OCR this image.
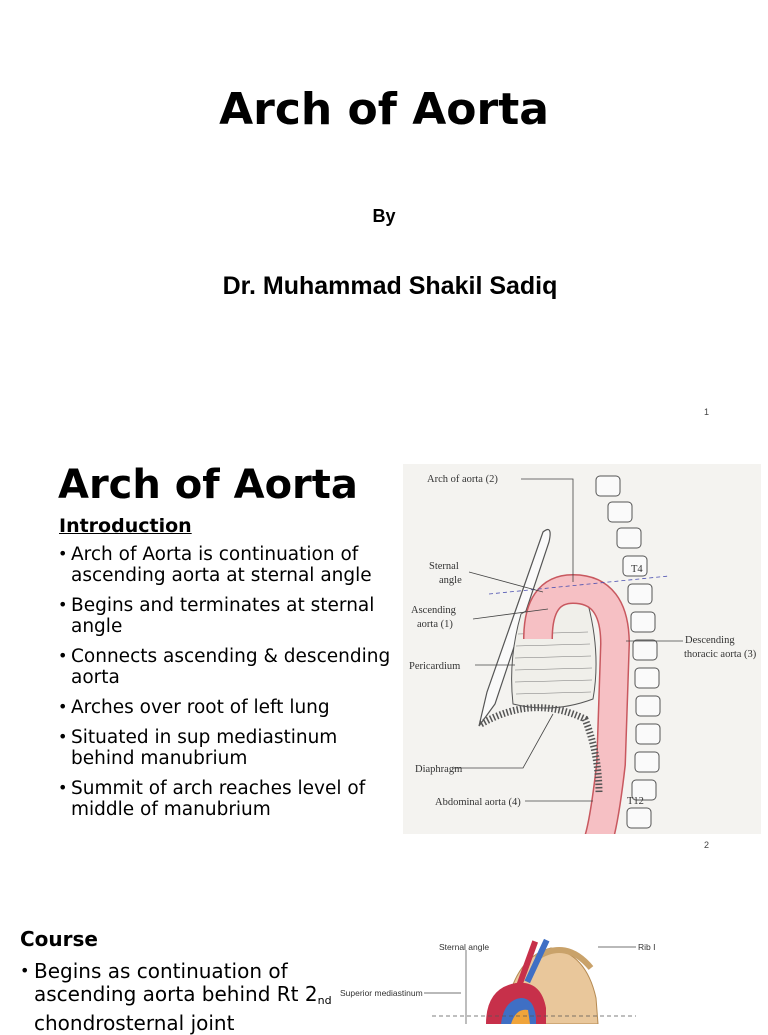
Arch of Aorta
By
Dr. Muhammad Shakil Sadiq
1
Arch of Aorta
Introduction
• Arch of Aorta is continuation of ascending aorta at sternal angle
• Begins and terminates at sternal angle
• Connects ascending & descending aorta
• Arches over root of left lung
• Situated in sup mediastinum behind manubrium
• Summit of arch reaches level of middle of manubrium
T4
T12
Arch of aorta (2)
Sternal
angle
Ascending
aorta (1)
Pericardium
Diaphragm
Abdominal aorta (4)
Descending
thoracic aorta (3)
2
Course
• Begins as continuation of ascending aorta behind Rt $2_{nd}$ chondrosternal joint
Sternal angle	Rib I
Superior mediastinum
